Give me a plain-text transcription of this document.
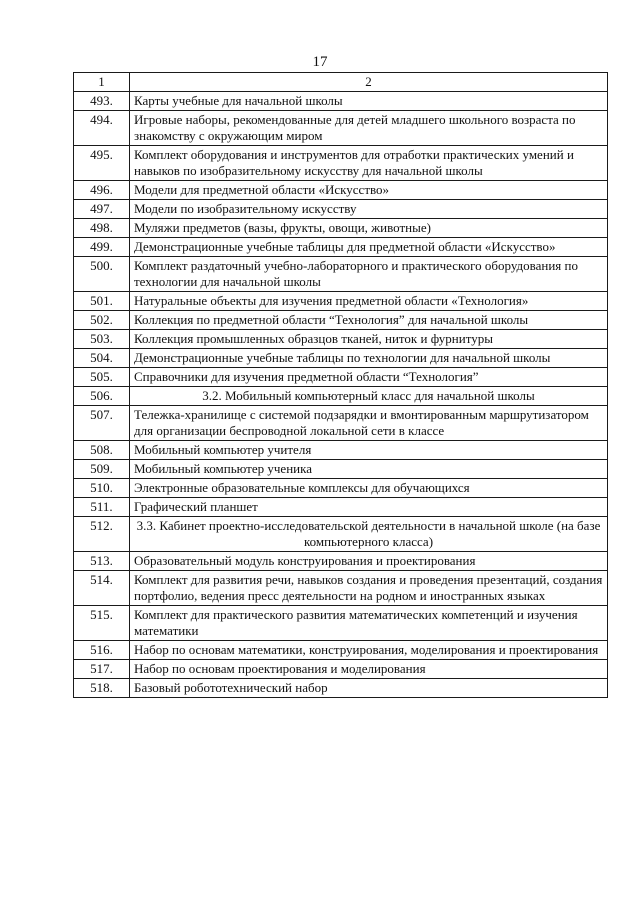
17
1	2
493.	Карты учебные для начальной школы
494.	Игровые наборы, рекомендованные для детей младшего школьного возраста по знакомству с окружающим миром
495.	Комплект оборудования и инструментов для отработки практических умений и навыков по изобразительному искусству для начальной школы
496.	Модели для предметной области «Искусство»
497.	Модели по изобразительному искусству
498.	Муляжи предметов (вазы, фрукты, овощи, животные)
499.	Демонстрационные учебные таблицы для предметной области «Искусство»
500.	Комплект раздаточный учебно-лабораторного и практического оборудования по технологии для начальной школы
501.	Натуральные объекты для изучения предметной области «Технология»
502.	Коллекция по предметной области “Технология” для начальной школы
503.	Коллекция промышленных образцов тканей, ниток и фурнитуры
504.	Демонстрационные учебные таблицы по технологии для начальной школы
505.	Справочники для изучения предметной области “Технология”
506.	3.2. Мобильный компьютерный класс для начальной школы
507.	Тележка-хранилище с системой подзарядки и вмонтированным маршрутизатором для организации беспроводной локальной сети в классе
508.	Мобильный компьютер учителя
509.	Мобильный компьютер ученика
510.	Электронные образовательные комплексы для обучающихся
511.	Графический планшет
512.	3.3. Кабинет проектно-исследовательской деятельности в начальной школе (на базе компьютерного класса)
513.	Образовательный модуль конструирования и проектирования
514.	Комплект для развития речи, навыков создания и проведения презентаций, создания портфолио, ведения пресс деятельности на родном и иностранных языках
515.	Комплект для практического развития математических компетенций и изучения математики
516.	Набор по основам математики, конструирования, моделирования и проектирования
517.	Набор по основам проектирования и моделирования
518.	Базовый робототехнический набор
